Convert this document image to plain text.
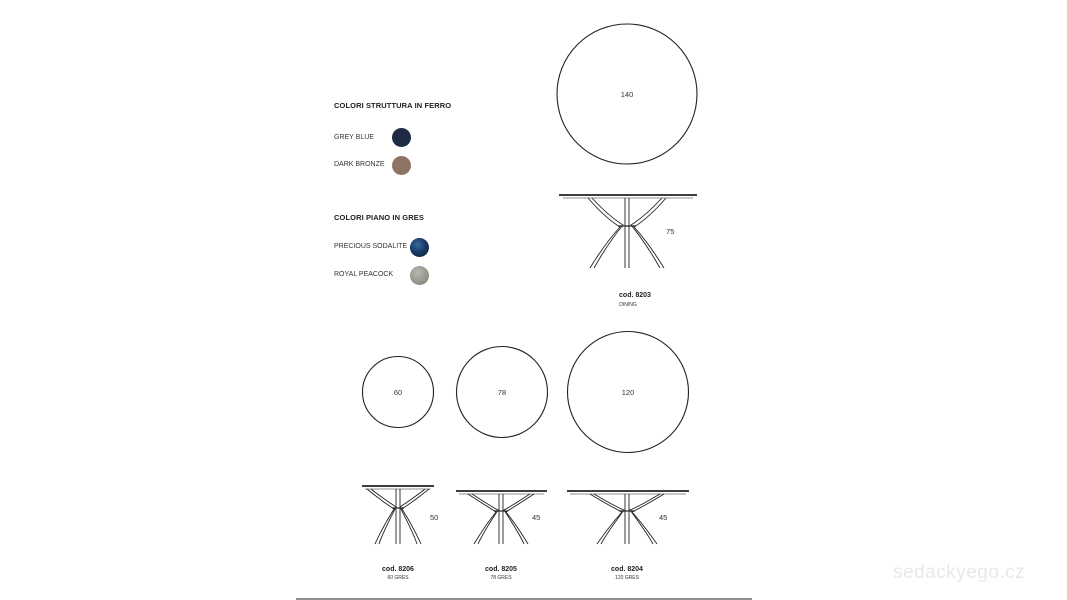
COLORI STRUTTURA IN FERRO
GREY BLUE
DARK BRONZE
COLORI PIANO IN GRES
PRECIOUS SODALITE
ROYAL PEACOCK
140
75
60	78	120
50	45	45
cod. 8203
DINING
cod. 8206
60 GRES
cod. 8205
78 GRES
cod. 8204
120 GRES	sedackyego.cz
